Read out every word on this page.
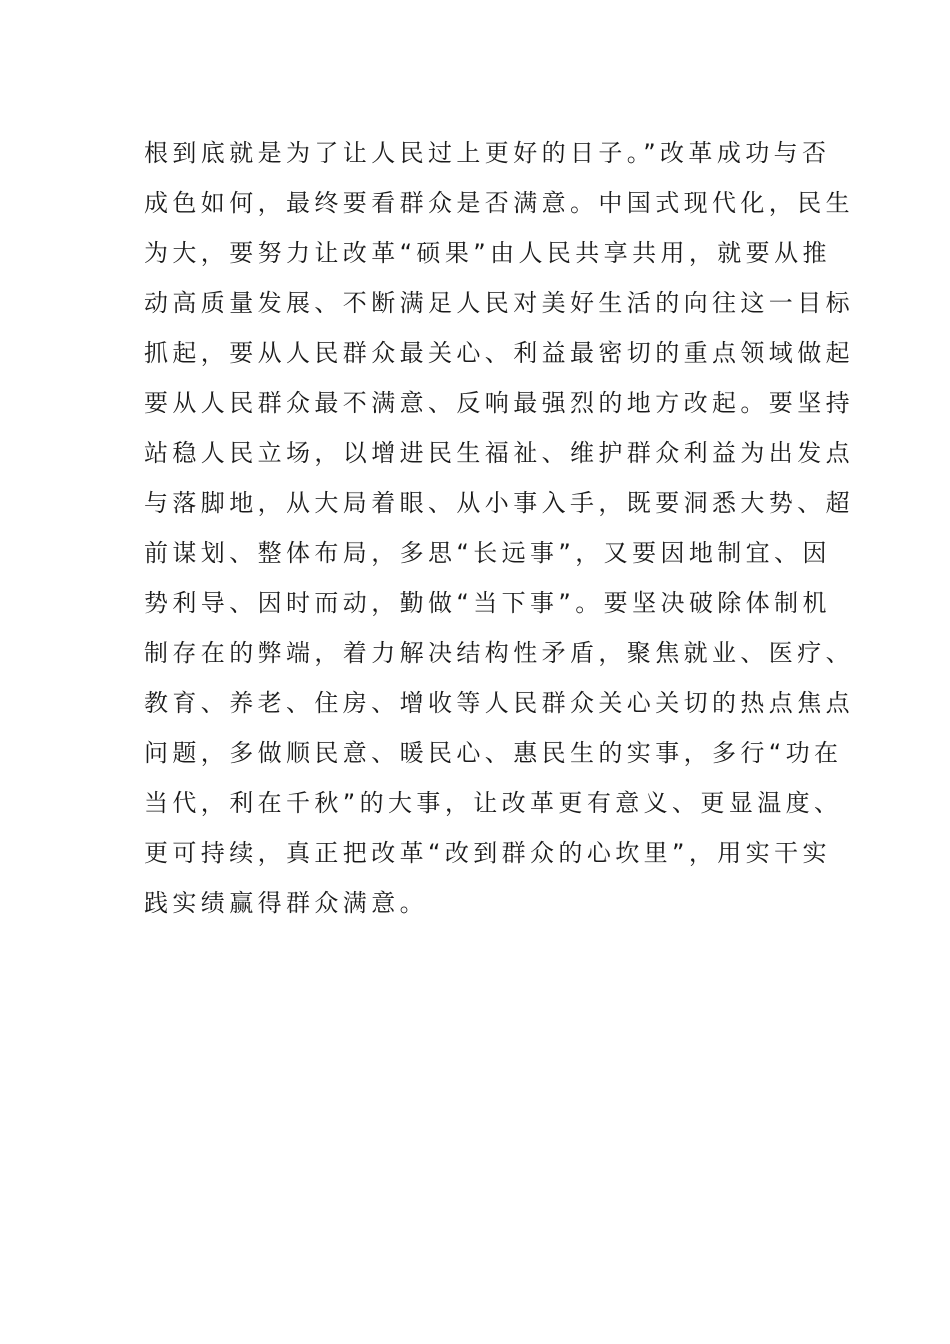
根到底就是为了让人民过上更好的日子。”改革成功与否
成色如何，最终要看群众是否满意。中国式现代化，民生
为大，要努力让改革“硕果”由人民共享共用，就要从推
动高质量发展、不断满足人民对美好生活的向往这一目标
抓起，要从人民群众最关心、利益最密切的重点领域做起
要从人民群众最不满意、反响最强烈的地方改起。要坚持
站稳人民立场，以增进民生福祉、维护群众利益为出发点
与落脚地，从大局着眼、从小事入手，既要洞悉大势、超
前谋划、整体布局，多思“长远事”，又要因地制宜、因
势利导、因时而动，勤做“当下事”。要坚决破除体制机
制存在的弊端，着力解决结构性矛盾，聚焦就业、医疗、
教育、养老、住房、增收等人民群众关心关切的热点焦点
问题，多做顺民意、暖民心、惠民生的实事，多行“功在
当代，利在千秋”的大事，让改革更有意义、更显温度、
更可持续，真正把改革“改到群众的心坎里”，用实干实
践实绩赢得群众满意。
